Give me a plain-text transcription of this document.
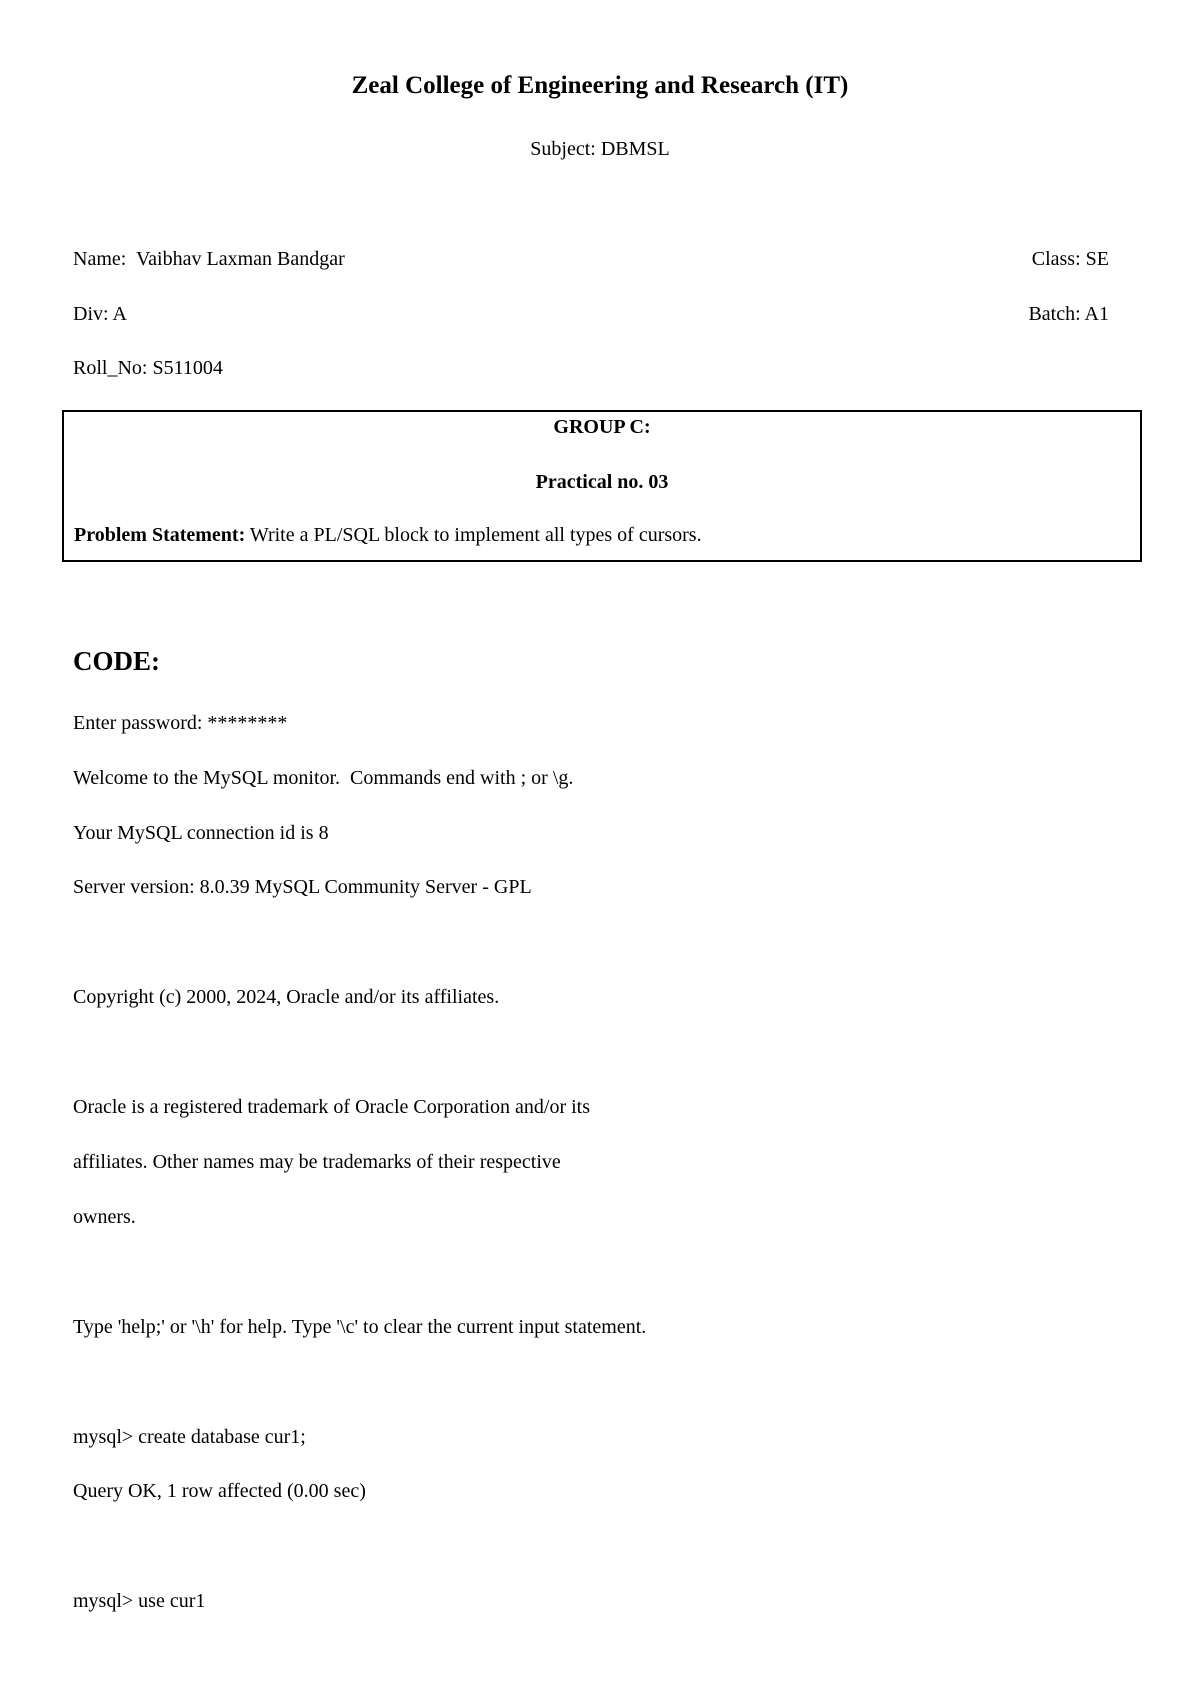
Zeal College of Engineering and Research (IT)
Subject: DBMSL
Name:  Vaibhav Laxman Bandgar	Class: SE
Div: A	Batch: A1
Roll_No: S511004
GROUP C:
Practical no. 03
Problem Statement: Write a PL/SQL block to implement all types of cursors.
CODE:
Enter password: ********
Welcome to the MySQL monitor.  Commands end with ; or \g.
Your MySQL connection id is 8
Server version: 8.0.39 MySQL Community Server - GPL
Copyright (c) 2000, 2024, Oracle and/or its affiliates.
Oracle is a registered trademark of Oracle Corporation and/or its
affiliates. Other names may be trademarks of their respective
owners.
Type 'help;' or '\h' for help. Type '\c' to clear the current input statement.
mysql> create database cur1;
Query OK, 1 row affected (0.00 sec)
mysql> use cur1
